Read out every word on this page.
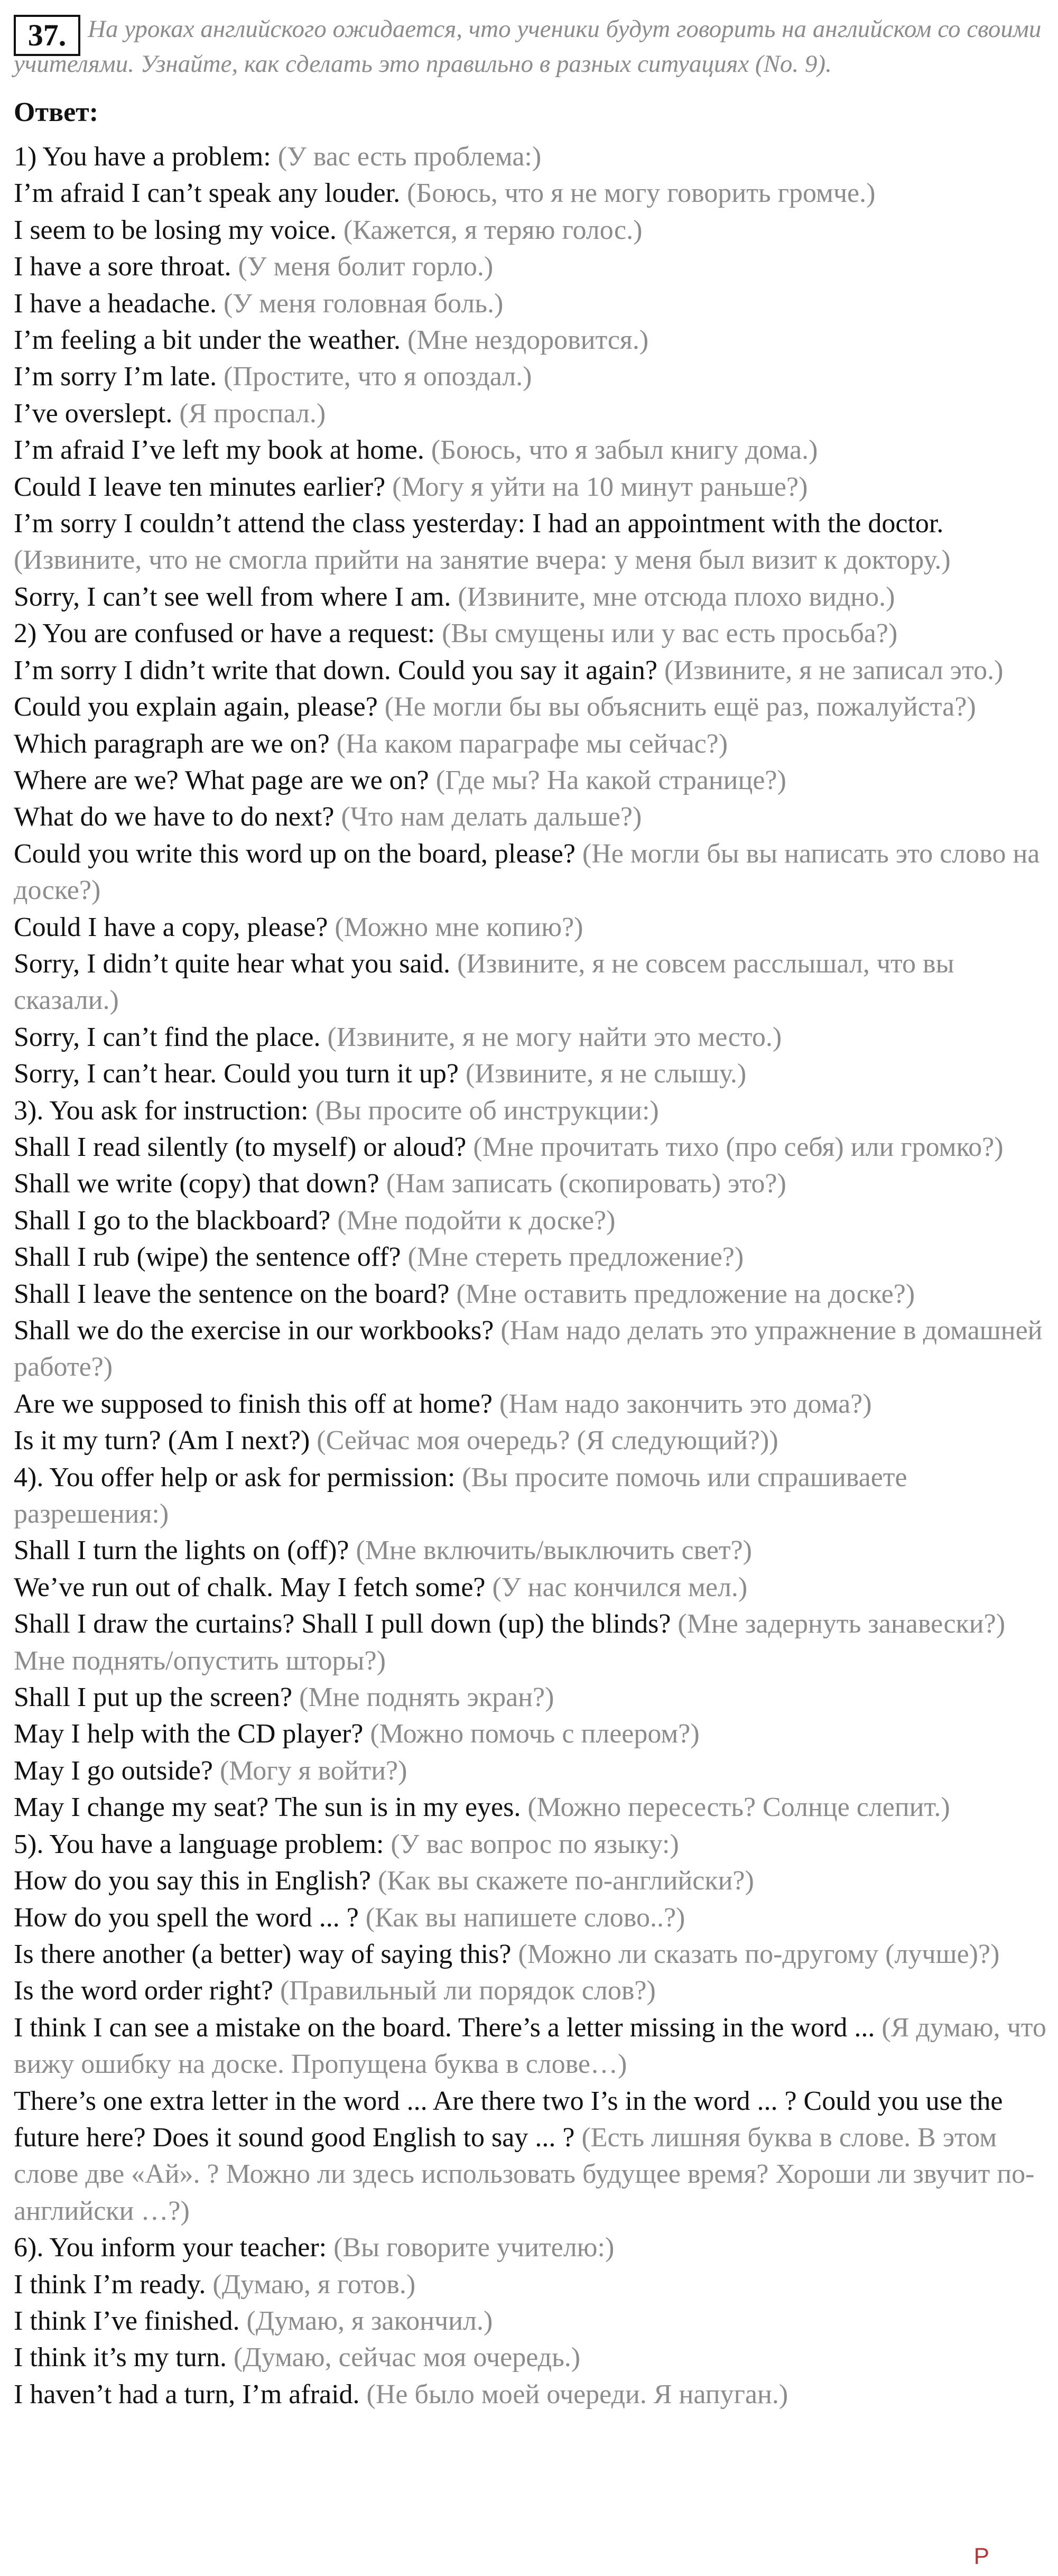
37. На уроках английского ожидается, что ученики будут говорить на английском со своими учителями. Узнайте, как сделать это правильно в разных ситуациях (No. 9).

Ответ:

1) You have a problem: (У вас есть проблема:)

I’m afraid I can’t speak any louder. (Боюсь, что я не могу говорить громче.)

I seem to be losing my voice. (Кажется, я теряю голос.)

I have a sore throat. (У меня болит горло.)

I have a headache. (У меня головная боль.)

I’m feeling a bit under the weather. (Мне нездоровится.)

I’m sorry I’m late. (Простите, что я опоздал.)

I’ve overslept. (Я проспал.)

I’m afraid I’ve left my book at home. (Боюсь, что я забыл книгу дома.)

Could I leave ten minutes earlier? (Могу я уйти на 10 минут раньше?)

I’m sorry I couldn’t attend the class yesterday: I had an appointment with the doctor. (Извините, что не смогла прийти на занятие вчера: у меня был визит к доктору.)

Sorry, I can’t see well from where I am. (Извините, мне отсюда плохо видно.)

2) You are confused or have a request: (Вы смущены или у вас есть просьба?)

I’m sorry I didn’t write that down. Could you say it again? (Извините, я не записал это.)

Could you explain again, please? (Не могли бы вы объяснить ещё раз, пожалуйста?)

Which paragraph are we on? (На каком параграфе мы сейчас?)

Where are we? What page are we on? (Где мы? На какой странице?)

What do we have to do next? (Что нам делать дальше?)

Could you write this word up on the board, please? (Не могли бы вы написать это слово на доске?)

Could I have a copy, please? (Можно мне копию?)

Sorry, I didn’t quite hear what you said. (Извините, я не совсем расслышал, что вы сказали.)

Sorry, I can’t find the place. (Извините, я не могу найти это место.)

Sorry, I can’t hear. Could you turn it up? (Извините, я не слышу.)

3). You ask for instruction: (Вы просите об инструкции:)

Shall I read silently (to myself) or aloud? (Мне прочитать тихо (про себя) или громко?)

Shall we write (copy) that down? (Нам записать (скопировать) это?)

Shall I go to the blackboard? (Мне подойти к доске?)

Shall I rub (wipe) the sentence off? (Мне стереть предложение?)

Shall I leave the sentence on the board? (Мне оставить предложение на доске?)

Shall we do the exercise in our workbooks? (Нам надо делать это упражнение в домашней работе?)

Are we supposed to finish this off at home? (Нам надо закончить это дома?)

Is it my turn? (Am I next?) (Сейчас моя очередь? (Я следующий?))

4). You offer help or ask for permission: (Вы просите помочь или спрашиваете разрешения:)

Shall I turn the lights on (off)? (Мне включить/выключить свет?)

We’ve run out of chalk. May I fetch some? (У нас кончился мел.)

Shall I draw the curtains? Shall I pull down (up) the blinds? (Мне задернуть занавески?) Мне поднять/опустить шторы?)

Shall I put up the screen? (Мне поднять экран?)

May I help with the CD player? (Можно помочь с плеером?)

May I go outside? (Могу я войти?)

May I change my seat? The sun is in my eyes. (Можно пересесть? Солнце слепит.)

5). You have a language problem: (У вас вопрос по языку:)

How do you say this in English? (Как вы скажете по-английски?)

How do you spell the word ... ? (Как вы напишете слово..?)

Is there another (a better) way of saying this? (Можно ли сказать по-другому (лучше)?)

Is the word order right? (Правильный ли порядок слов?)

I think I can see a mistake on the board. There’s a letter missing in the word ... (Я думаю, что вижу ошибку на доске. Пропущена буква в слове…)

There’s one extra letter in the word ... Are there two I’s in the word ... ? Could you use the future here? Does it sound good English to say ... ? (Есть лишняя буква в слове. В этом слове две «Ай». ? Можно ли здесь использовать будущее время? Хороши ли звучит по-английски …?)

6). You inform your teacher: (Вы говорите учителю:)

I think I’m ready. (Думаю, я готов.)

I think I’ve finished. (Думаю, я закончил.)

I think it’s my turn. (Думаю, сейчас моя очередь.)

I haven’t had a turn, I’m afraid. (Не было моей очереди. Я напуган.)

P
